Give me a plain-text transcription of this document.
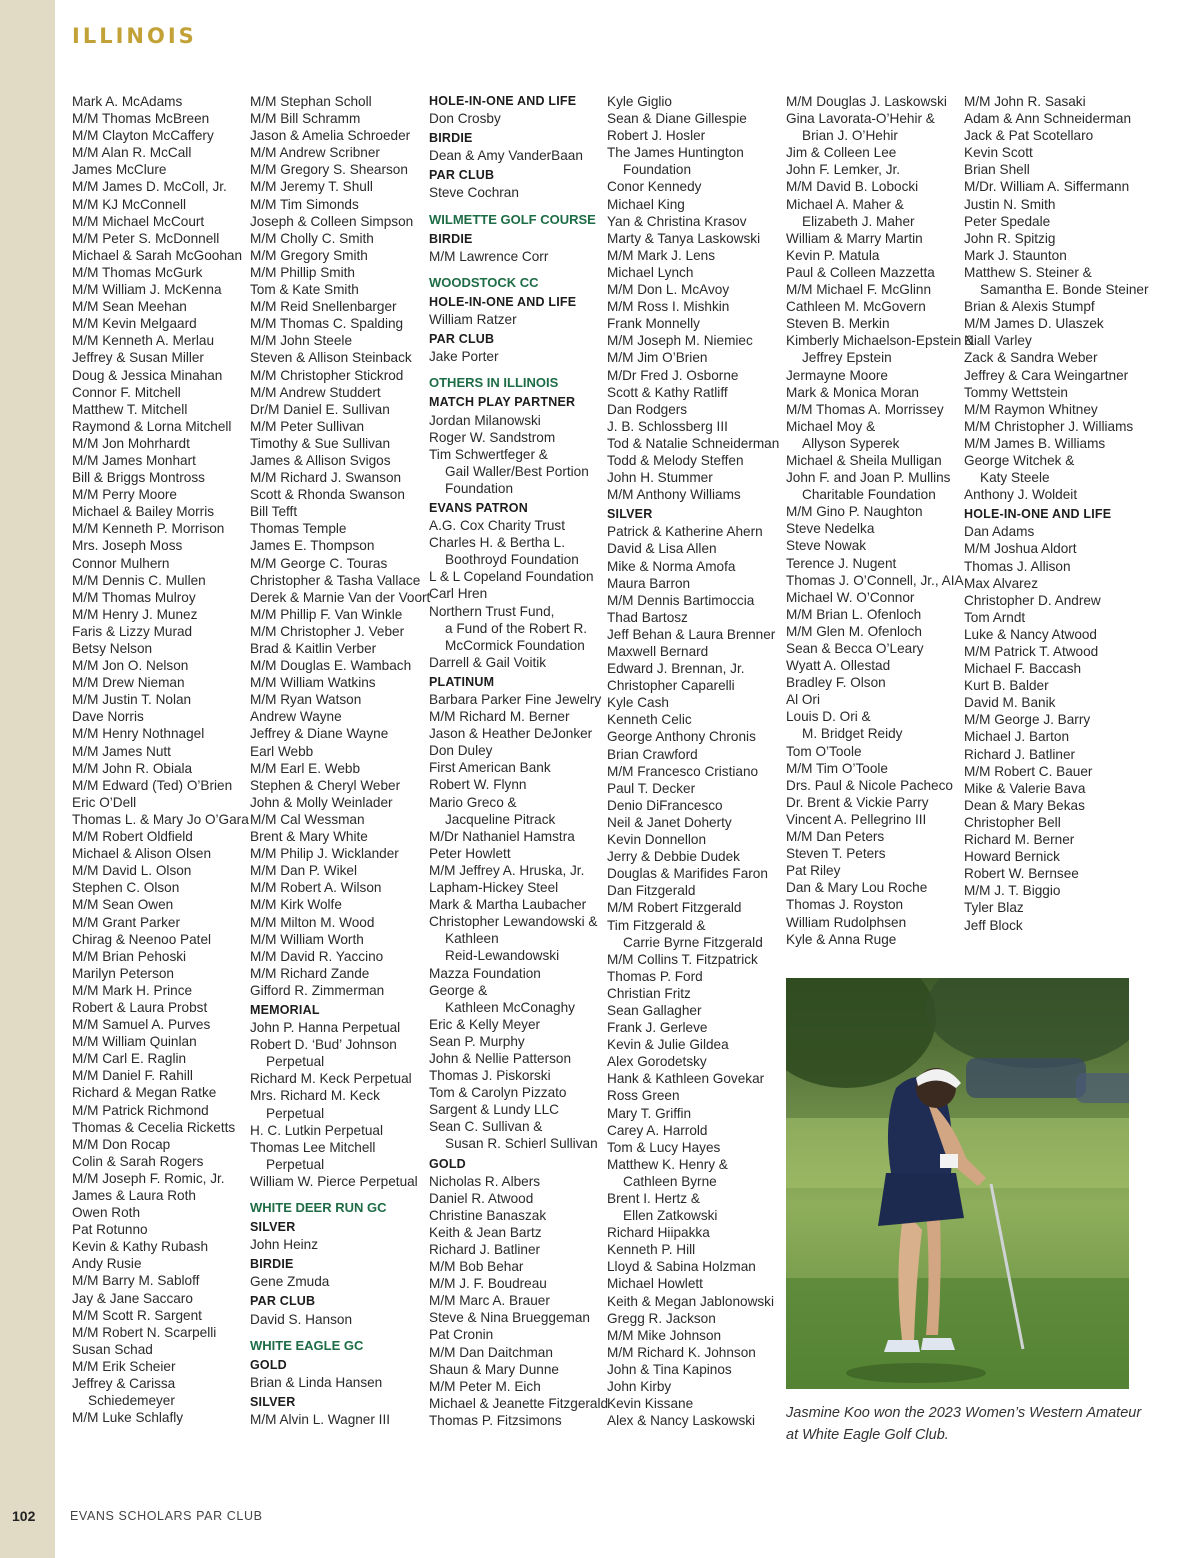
ILLINOIS
Mark A. McAdams
M/M Thomas McBreen
M/M Clayton McCaffery
M/M Alan R. McCall
James McClure
M/M James D. McColl, Jr.
M/M KJ McConnell
M/M Michael McCourt
M/M Peter S. McDonnell
Michael & Sarah McGoohan
M/M Thomas McGurk
M/M William J. McKenna
M/M Sean Meehan
M/M Kevin Melgaard
M/M Kenneth A. Merlau
Jeffrey & Susan Miller
Doug & Jessica Minahan
Connor F. Mitchell
Matthew T. Mitchell
Raymond & Lorna Mitchell
M/M Jon Mohrhardt
M/M James Monhart
Bill & Briggs Montross
M/M Perry Moore
Michael & Bailey Morris
M/M Kenneth P. Morrison
Mrs. Joseph Moss
Connor Mulhern
M/M Dennis C. Mullen
M/M Thomas Mulroy
M/M Henry J. Munez
Faris & Lizzy Murad
Betsy Nelson
M/M Jon O. Nelson
M/M Drew Nieman
M/M Justin T. Nolan
Dave Norris
M/M Henry Nothnagel
M/M James Nutt
M/M John R. Obiala
M/M Edward (Ted) O’Brien
Eric O’Dell
Thomas L. & Mary Jo O’Gara
M/M Robert Oldfield
Michael & Alison Olsen
M/M David L. Olson
Stephen C. Olson
M/M Sean Owen
M/M Grant Parker
Chirag & Neenoo Patel
M/M Brian Pehoski
Marilyn Peterson
M/M Mark H. Prince
Robert & Laura Probst
M/M Samuel A. Purves
M/M William Quinlan
M/M Carl E. Raglin
M/M Daniel F. Rahill
Richard & Megan Ratke
M/M Patrick Richmond
Thomas & Cecelia Ricketts
M/M Don Rocap
Colin & Sarah Rogers
M/M Joseph F. Romic, Jr.
James & Laura Roth
Owen Roth
Pat Rotunno
Kevin & Kathy Rubash
Andy Rusie
M/M Barry M. Sabloff
Jay & Jane Saccaro
M/M Scott R. Sargent
M/M Robert N. Scarpelli
Susan Schad
M/M Erik Scheier
Jeffrey & Carissa
Schiedemeyer
M/M Luke Schlafly
M/M Stephan Scholl
M/M Bill Schramm
Jason & Amelia Schroeder
M/M Andrew Scribner
M/M Gregory S. Shearson
M/M Jeremy T. Shull
M/M Tim Simonds
Joseph & Colleen Simpson
M/M Cholly C. Smith
M/M Gregory Smith
M/M Phillip Smith
Tom & Kate Smith
M/M Reid Snellenbarger
M/M Thomas C. Spalding
M/M John Steele
Steven & Allison Steinback
M/M Christopher Stickrod
M/M Andrew Studdert
Dr/M Daniel E. Sullivan
M/M Peter Sullivan
Timothy & Sue Sullivan
James & Allison Svigos
M/M Richard J. Swanson
Scott & Rhonda Swanson
Bill Tefft
Thomas Temple
James E. Thompson
M/M George C. Touras
Christopher & Tasha Vallace
Derek & Marnie Van der Voort
M/M Phillip F. Van Winkle
M/M Christopher J. Veber
Brad & Kaitlin Verber
M/M Douglas E. Wambach
M/M William Watkins
M/M Ryan Watson
Andrew Wayne
Jeffrey & Diane Wayne
Earl Webb
M/M Earl E. Webb
Stephen & Cheryl Weber
John & Molly Weinlader
M/M Cal Wessman
Brent & Mary White
M/M Philip J. Wicklander
M/M Dan P. Wikel
M/M Robert A. Wilson
M/M Kirk Wolfe
M/M Milton M. Wood
M/M William Worth
M/M David R. Yaccino
M/M Richard Zande
Gifford R. Zimmerman
MEMORIAL
John P. Hanna Perpetual
Robert D. ‘Bud’ Johnson
Perpetual
Richard M. Keck Perpetual
Mrs. Richard M. Keck
Perpetual
H. C. Lutkin Perpetual
Thomas Lee Mitchell
Perpetual
William W. Pierce Perpetual
WHITE DEER RUN GC
SILVER
John Heinz
BIRDIE
Gene Zmuda
PAR CLUB
David S. Hanson
WHITE EAGLE GC
GOLD
Brian & Linda Hansen
SILVER
M/M Alvin L. Wagner III
HOLE-IN-ONE AND LIFE
Don Crosby
BIRDIE
Dean & Amy VanderBaan
PAR CLUB
Steve Cochran
WILMETTE GOLF COURSE
BIRDIE
M/M Lawrence Corr
WOODSTOCK CC
HOLE-IN-ONE AND LIFE
William Ratzer
PAR CLUB
Jake Porter
OTHERS IN ILLINOIS
MATCH PLAY PARTNER
Jordan Milanowski
Roger W. Sandstrom
Tim Schwertfeger &
Gail Waller/Best Portion
Foundation
EVANS PATRON
A.G. Cox Charity Trust
Charles H. & Bertha L.
Boothroyd Foundation
L & L Copeland Foundation
Carl Hren
Northern Trust Fund,
a Fund of the Robert R.
McCormick Foundation
Darrell & Gail Voitik
PLATINUM
Barbara Parker Fine Jewelry
M/M Richard M. Berner
Jason & Heather DeJonker
Don Duley
First American Bank
Robert W. Flynn
Mario Greco &
Jacqueline Pitrack
M/Dr Nathaniel Hamstra
Peter Howlett
M/M Jeffrey A. Hruska, Jr.
Lapham-Hickey Steel
Mark & Martha Laubacher
Christopher Lewandowski &
Kathleen
Reid-Lewandowski
Mazza Foundation
George &
Kathleen McConaghy
Eric & Kelly Meyer
Sean P. Murphy
John & Nellie Patterson
Thomas J. Piskorski
Tom & Carolyn Pizzato
Sargent & Lundy LLC
Sean C. Sullivan &
Susan R. Schierl Sullivan
GOLD
Nicholas R. Albers
Daniel R. Atwood
Christine Banaszak
Keith & Jean Bartz
Richard J. Batliner
M/M Bob Behar
M/M J. F. Boudreau
M/M Marc A. Brauer
Steve & Nina Brueggeman
Pat Cronin
M/M Dan Daitchman
Shaun & Mary Dunne
M/M Peter M. Eich
Michael & Jeanette Fitzgerald
Thomas P. Fitzsimons
Kyle Giglio
Sean & Diane Gillespie
Robert J. Hosler
The James Huntington
Foundation
Conor Kennedy
Michael King
Yan & Christina Krasov
Marty & Tanya Laskowski
M/M Mark J. Lens
Michael Lynch
M/M Don L. McAvoy
M/M Ross I. Mishkin
Frank Monnelly
M/M Joseph M. Niemiec
M/M Jim O’Brien
M/Dr Fred J. Osborne
Scott & Kathy Ratliff
Dan Rodgers
J. B. Schlossberg III
Tod & Natalie Schneiderman
Todd & Melody Steffen
John H. Stummer
M/M Anthony Williams
SILVER
Patrick & Katherine Ahern
David & Lisa Allen
Mike & Norma Amofa
Maura Barron
M/M Dennis Bartimoccia
Thad Bartosz
Jeff Behan & Laura Brenner
Maxwell Bernard
Edward J. Brennan, Jr.
Christopher Caparelli
Kyle Cash
Kenneth Celic
George Anthony Chronis
Brian Crawford
M/M Francesco Cristiano
Paul T. Decker
Denio DiFrancesco
Neil & Janet Doherty
Kevin Donnellon
Jerry & Debbie Dudek
Douglas & Marifides Faron
Dan Fitzgerald
M/M Robert Fitzgerald
Tim Fitzgerald &
Carrie Byrne Fitzgerald
M/M Collins T. Fitzpatrick
Thomas P. Ford
Christian Fritz
Sean Gallagher
Frank J. Gerleve
Kevin & Julie Gildea
Alex Gorodetsky
Hank & Kathleen Govekar
Ross Green
Mary T. Griffin
Carey A. Harrold
Tom & Lucy Hayes
Matthew K. Henry &
Cathleen Byrne
Brent I. Hertz &
Ellen Zatkowski
Richard Hiipakka
Kenneth P. Hill
Lloyd & Sabina Holzman
Michael Howlett
Keith & Megan Jablonowski
Gregg R. Jackson
M/M Mike Johnson
M/M Richard K. Johnson
John & Tina Kapinos
John Kirby
Kevin Kissane
Alex & Nancy Laskowski
M/M Douglas J. Laskowski
Gina Lavorata-O’Hehir &
Brian J. O’Hehir
Jim & Colleen Lee
John F. Lemker, Jr.
M/M David B. Lobocki
Michael A. Maher &
Elizabeth J. Maher
William & Marry Martin
Kevin P. Matula
Paul & Colleen Mazzetta
M/M Michael F. McGlinn
Cathleen M. McGovern
Steven B. Merkin
Kimberly Michaelson-Epstein &
Jeffrey Epstein
Jermayne Moore
Mark & Monica Moran
M/M Thomas A. Morrissey
Michael Moy &
Allyson Syperek
Michael & Sheila Mulligan
John F. and Joan P. Mullins
Charitable Foundation
M/M Gino P. Naughton
Steve Nedelka
Steve Nowak
Terence J. Nugent
Thomas J. O’Connell, Jr., AIA
Michael W. O’Connor
M/M Brian L. Ofenloch
M/M Glen M. Ofenloch
Sean & Becca O’Leary
Wyatt A. Ollestad
Bradley F. Olson
Al Ori
Louis D. Ori &
M. Bridget Reidy
Tom O’Toole
M/M Tim O’Toole
Drs. Paul & Nicole Pacheco
Dr. Brent & Vickie Parry
Vincent A. Pellegrino III
M/M Dan Peters
Steven T. Peters
Pat Riley
Dan & Mary Lou Roche
Thomas J. Royston
William Rudolphsen
Kyle & Anna Ruge
M/M John R. Sasaki
Adam & Ann Schneiderman
Jack & Pat Scotellaro
Kevin Scott
Brian Shell
M/Dr. William A. Siffermann
Justin N. Smith
Peter Spedale
John R. Spitzig
Mark J. Staunton
Matthew S. Steiner &
Samantha E. Bonde Steiner
Brian & Alexis Stumpf
M/M James D. Ulaszek
Niall Varley
Zack & Sandra Weber
Jeffrey & Cara Weingartner
Tommy Wettstein
M/M Raymon Whitney
M/M Christopher J. Williams
M/M James B. Williams
George Witchek &
Katy Steele
Anthony J. Woldeit
HOLE-IN-ONE AND LIFE
Dan Adams
M/M Joshua Aldort
Thomas J. Allison
Max Alvarez
Christopher D. Andrew
Tom Arndt
Luke & Nancy Atwood
M/M Patrick T. Atwood
Michael F. Baccash
Kurt B. Balder
David M. Banik
M/M George J. Barry
Michael J. Barton
Richard J. Batliner
M/M Robert C. Bauer
Mike & Valerie Bava
Dean & Mary Bekas
Christopher Bell
Richard M. Berner
Howard Bernick
Robert W. Bernsee
M/M J. T. Biggio
Tyler Blaz
Jeff Block
Jasmine Koo won the 2023 Women’s Western Amateur at White Eagle Golf Club.
102	EVANS SCHOLARS PAR CLUB
